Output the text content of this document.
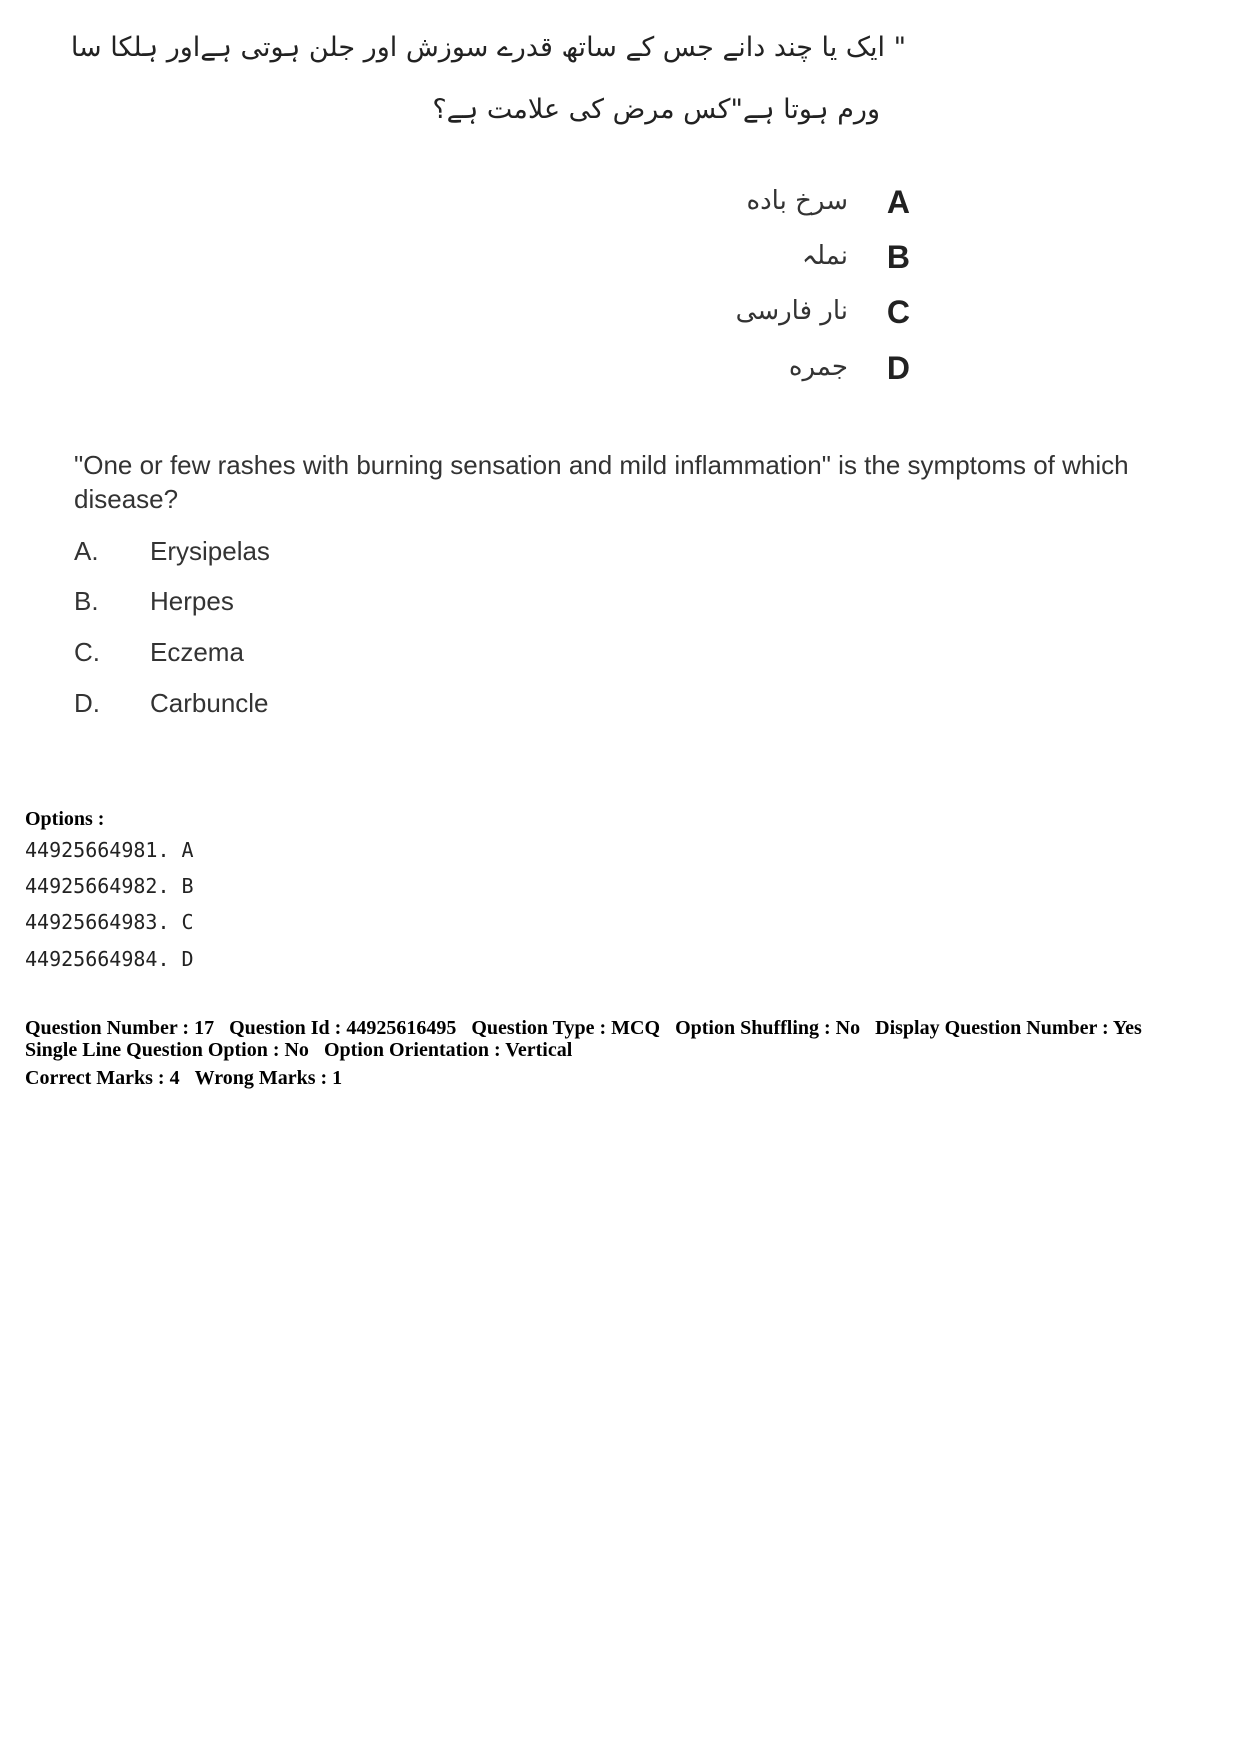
" ایک یا چند دانے جس کے ساتھ قدرے سوزش اور جلن ہوتی ہےاور ہلکا سا
ورم ہوتا ہے"کس مرض کی علامت ہے؟
A
سرخ باده
B
نملہ
C
نار فارسی
D
جمره
"One or few rashes with burning sensation and mild inflammation" is the symptoms of which disease?
A.	Erysipelas
B.	Herpes
C.	Eczema
D.	Carbuncle
Options :
44925664981. A
44925664982. B
44925664983. C
44925664984. D
Question Number : 17 Question Id : 44925616495 Question Type : MCQ Option Shuffling : No Display Question Number : Yes
Single Line Question Option : No Option Orientation : Vertical
Correct Marks : 4 Wrong Marks : 1
